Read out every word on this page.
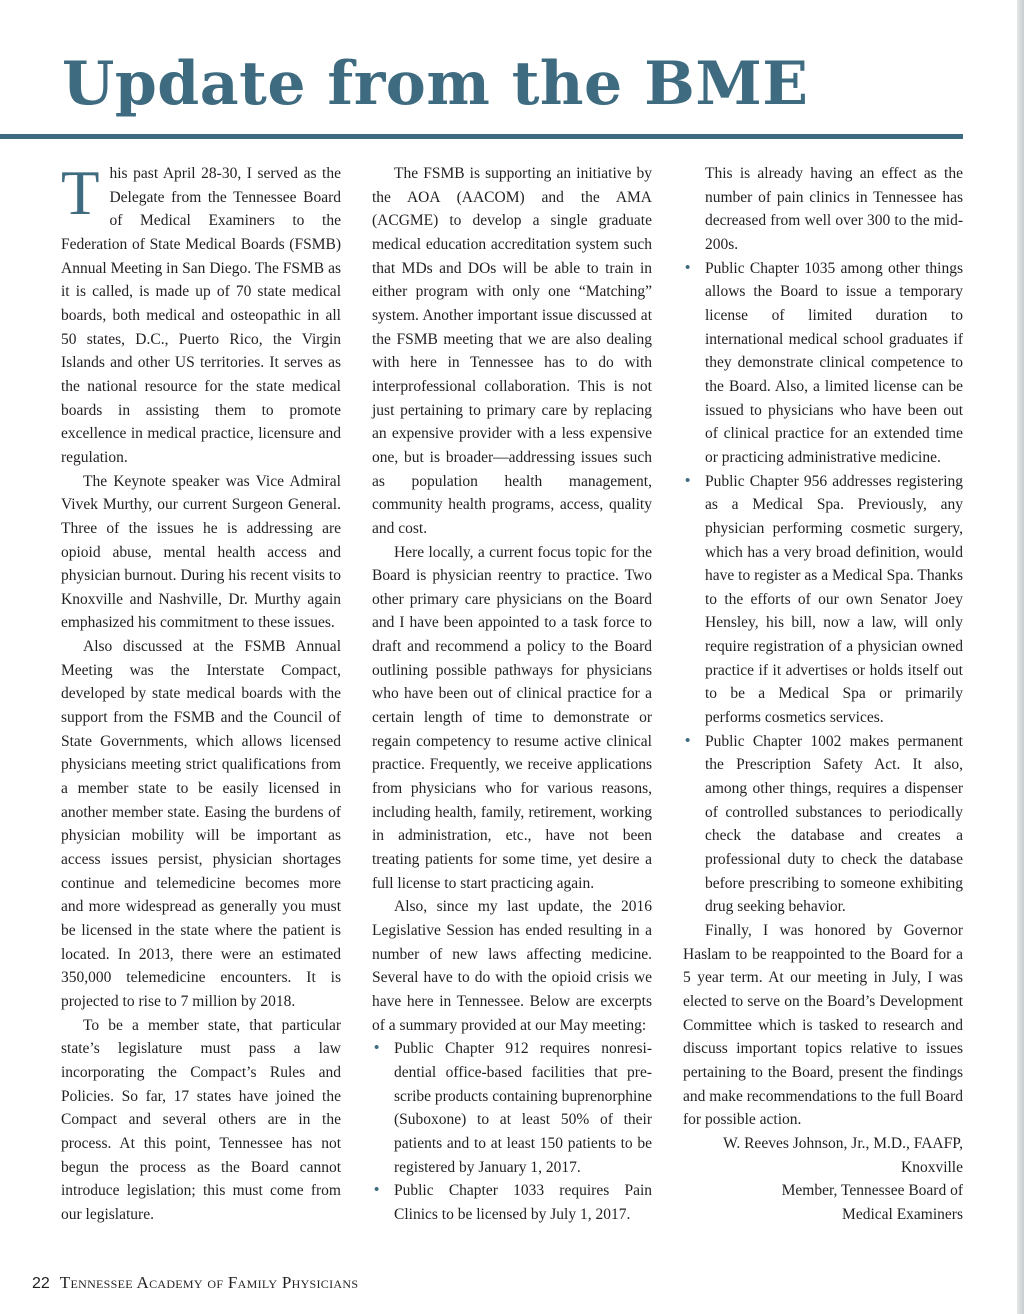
Update from the BME

This past April 28-30, I served as the Delegate from the Tennessee Board of Medical Examiners to the Federation of State Medical Boards (FSMB) Annual Meeting in San Diego. The FSMB as it is called, is made up of 70 state medical boards, both medical and osteopathic in all 50 states, D.C., Puerto Rico, the Virgin Islands and other US territories. It serves as the national resource for the state medical boards in assisting them to promote excellence in medical practice, licensure and regulation.

The Keynote speaker was Vice Admiral Vivek Murthy, our current Surgeon General. Three of the issues he is addressing are opioid abuse, mental health access and physician burnout. During his recent visits to Knoxville and Nashville, Dr. Murthy again emphasized his commitment to these issues.

Also discussed at the FSMB Annual Meeting was the Interstate Compact, developed by state medical boards with the support from the FSMB and the Council of State Governments, which allows licensed physicians meeting strict qualifications from a member state to be easily licensed in another member state. Easing the burdens of physician mobility will be important as access issues persist, physician shortages continue and telemedicine becomes more and more widespread as generally you must be licensed in the state where the patient is located. In 2013, there were an estimated 350,000 telemedicine encounters. It is projected to rise to 7 million by 2018.

To be a member state, that particular state’s legislature must pass a law incorporating the Compact’s Rules and Policies. So far, 17 states have joined the Compact and several others are in the process. At this point, Tennessee has not begun the process as the Board cannot introduce legislation; this must come from our legislature.

The FSMB is supporting an initiative by the AOA (AACOM) and the AMA (ACGME) to develop a single graduate medical education accreditation system such that MDs and DOs will be able to train in either program with only one “Matching” system. Another important issue discussed at the FSMB meeting that we are also dealing with here in Tennessee has to do with interprofessional collaboration. This is not just pertaining to primary care by replacing an expensive provider with a less expensive one, but is broader—addressing issues such as population health management, community health programs, access, quality and cost.

Here locally, a current focus topic for the Board is physician reentry to practice. Two other primary care physicians on the Board and I have been appointed to a task force to draft and recommend a policy to the Board outlining possible pathways for physicians who have been out of clinical practice for a certain length of time to demonstrate or regain competency to resume active clinical practice. Frequently, we receive applications from physicians who for various reasons, including health, family, retirement, working in administration, etc., have not been treating patients for some time, yet desire a full license to start practicing again.

Also, since my last update, the 2016 Legislative Session has ended resulting in a number of new laws affecting medicine. Several have to do with the opioid crisis we have here in Tennessee. Below are excerpts of a summary provided at our May meeting:

• Public Chapter 912 requires nonresidential office-based facilities that prescribe products containing buprenorphine (Suboxone) to at least 50% of their patients and to at least 150 patients to be registered by January 1, 2017.
• Public Chapter 1033 requires Pain Clinics to be licensed by July 1, 2017.
This is already having an effect as the number of pain clinics in Tennessee has decreased from well over 300 to the mid-200s.
• Public Chapter 1035 among other things allows the Board to issue a temporary license of limited duration to international medical school graduates if they demonstrate clinical competence to the Board. Also, a limited license can be issued to physicians who have been out of clinical practice for an extended time or practicing administrative medicine.
• Public Chapter 956 addresses registering as a Medical Spa. Previously, any physician performing cosmetic surgery, which has a very broad definition, would have to register as a Medical Spa. Thanks to the efforts of our own Senator Joey Hensley, his bill, now a law, will only require registration of a physician owned practice if it advertises or holds itself out to be a Medical Spa or primarily performs cosmetics services.
• Public Chapter 1002 makes permanent the Prescription Safety Act. It also, among other things, requires a dispenser of controlled substances to periodically check the database and creates a professional duty to check the database before prescribing to someone exhibiting drug seeking behavior.

Finally, I was honored by Governor Haslam to be reappointed to the Board for a 5 year term. At our meeting in July, I was elected to serve on the Board’s Development Committee which is tasked to research and discuss important topics relative to issues pertaining to the Board, present the findings and make recommendations to the full Board for possible action.

W. Reeves Johnson, Jr., M.D., FAAFP,
Knoxville
Member, Tennessee Board of
Medical Examiners
22 Tennessee Academy of Family Physicians
